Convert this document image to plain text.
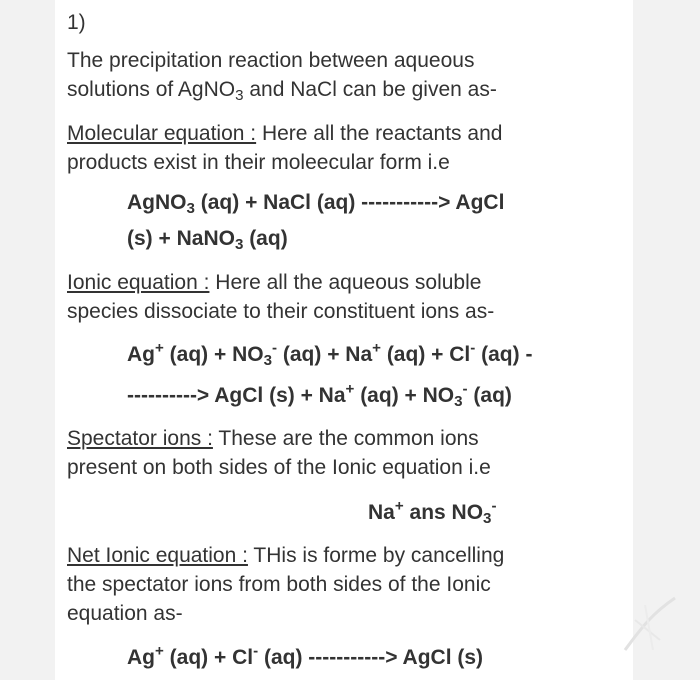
1)
The precipitation reaction between aqueous
solutions of AgNO$_3$ and NaCl can be given as-
Molecular equation : Here all the reactants and
products exist in their moleecular form i.e
AgNO$_3$ (aq) + NaCl (aq) -----------> AgCl
(s) + NaNO$_3$ (aq)
Ionic equation : Here all the aqueous soluble
species dissociate to their constituent ions as-
Ag+ $(aq) + NO_3^-$ (aq) + Na+ (aq) + Cl- (aq) -
----------> AgCl (s) + Na+ $(aq) + NO_3^-$ (aq)
Spectator ions : These are the common ions
present on both sides of the Ionic equation i.e
Na+ ans $NO_3^-$
Net Ionic equation : THis is forme by cancelling
the spectator ions from both sides of the Ionic
equation as-
Ag+ (aq) + Cl- (aq) -----------> AgCl (s)
